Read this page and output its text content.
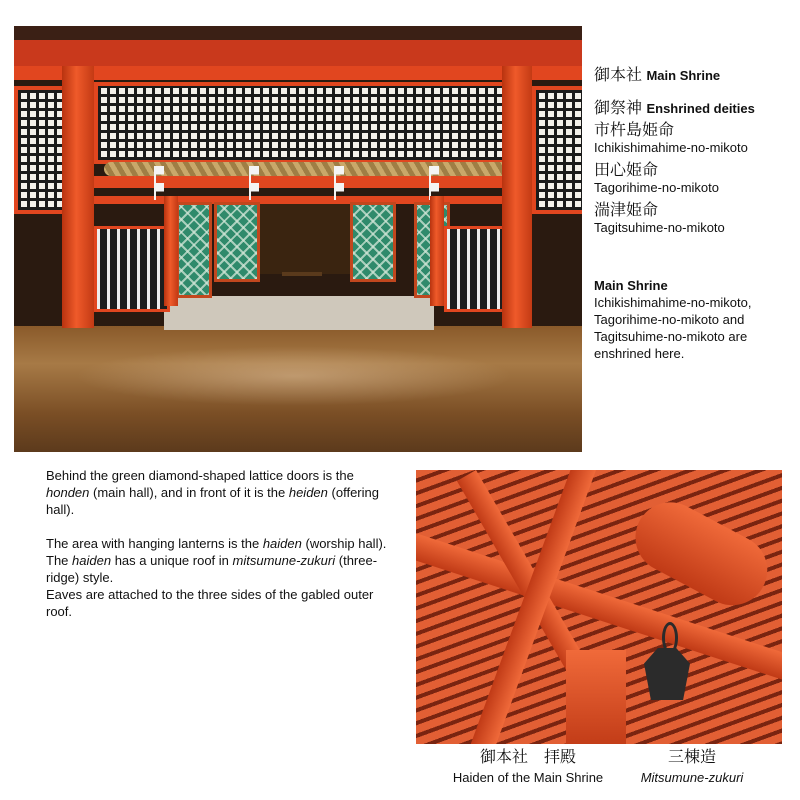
御本社 Main Shrine
御祭神 Enshrined deities

市杵島姫命

Ichikishimahime-no-mikoto

田心姫命

Tagorihime-no-mikoto

湍津姫命

Tagitsuhime-no-mikoto

Main Shrine

Ichikishimahime-no-mikoto, Tagorihime-no-mikoto and Tagitsuhime-no-mikoto are enshrined here.

Behind the green diamond-shaped lattice doors is the honden (main hall), and in front of it is the heiden (offering hall).

The area with hanging lanterns is the haiden (worship hall). The haiden has a unique roof in mitsumune-zukuri (three-ridge) style.

Eaves are attached to the three sides of the gabled outer roof.

御本社　拝殿
Haiden of the Main Shrine
三棟造
Mitsumune-zukuri
